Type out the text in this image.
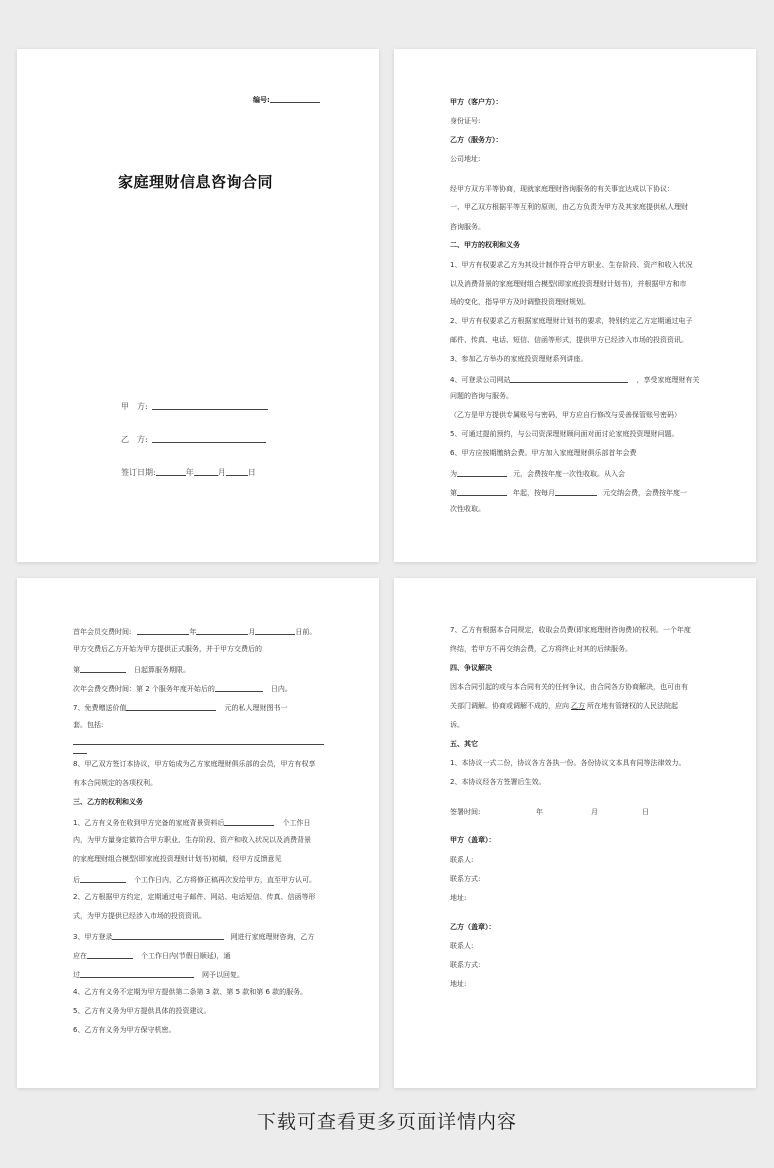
编号:
家庭理财信息咨询合同
甲　方:
乙　方:
签订日期:	年	月	日
甲方（客户方）：
身份证号:
乙方（服务方）：
公司地址:
经甲方双方平等协商，现就家庭理财咨询服务的有关事宜达成以下协议：
一、甲乙双方根据平等互利的原则，由乙方负责为甲方及其家庭提供私人理财
咨询服务。
二、甲方的权利和义务
1、甲方有权要求乙方为其设计制作符合甲方职业、生存阶段、资产和收入状况
以及消费背景的家庭理财组合模型(即家庭投资理财计划书)，并根据甲方和市
场的变化，指导甲方及时调整投资理财规划。
2、甲方有权要求乙方根据家庭理财计划书的要求，特别约定乙方定期通过电子
邮件、传真、电话、短信、信函等形式，提供甲方已经涉入市场的投资资讯。
3、参加乙方举办的家庭投资理财系列讲座。
4、可登录公司网站	，享受家庭理财有关
问题的咨询与服务。
（乙方是甲方提供专属账号与密码，甲方应自行修改与妥善保管账号密码）
5、可通过提前预约，与公司资深理财顾问面对面讨论家庭投资理财问题。
6、甲方应按期缴纳会费。甲方加入家庭理财俱乐部首年会费
为	元，会费按年度一次性收取。从入会
第	年起，按每月	元交纳会费，会费按年度一
次性收取。
首年会员交费时间:	年	月	日前。
甲方交费后乙方开始为甲方提供正式服务，并于甲方交费后的
第	日起算服务期限。
次年会费交费时间：第 2 个服务年度开始后的	日内。
7、免费赠送价值	元的私人理财图书一
套。包括:
8、甲乙双方签订本协议，甲方始成为乙方家庭理财俱乐部的会员，甲方有权享
有本合同规定的各项权利。
三、乙方的权利和义务
1、乙方有义务在收到甲方完备的家庭背景资料后	个工作日
内，为甲方量身定做符合甲方职业、生存阶段、资产和收入状况以及消费背景
的家庭理财组合模型(即家庭投资理财计划书)初稿，经甲方反馈意见
后	个工作日内，乙方将修正稿再次发给甲方，直至甲方认可。
2、乙方根据甲方约定，定期通过电子邮件、网站、电话短信、传真、信函等形
式，为甲方提供已经涉入市场的投资资讯。
3、甲方登录	网进行家庭理财咨询，乙方
应在	个工作日内(节假日顺延)，通
过	网予以回复。
4、乙方有义务不定期为甲方提供第二条第 3 款、第 5 款和第 6 款的服务。
5、乙方有义务为甲方提供具体的投资建议。
6、乙方有义务为甲方保守机密。
7、乙方有根据本合同规定，收取会员费(即家庭理财咨询费)的权利。一个年度
终结，若甲方不再交纳会费，乙方将终止对其的后续服务。
四、争议解决
因本合同引起的或与本合同有关的任何争议，由合同各方协商解决，也可由有
关部门调解。协商或调解不成的，应向 乙方 所在地有管辖权的人民法院起
诉。
五、其它
1、本协议一式二份，协议各方各执一份。各份协议文本具有同等法律效力。
2、本协议经各方签署后生效。
签署时间:	年	月	日
甲方（盖章）：
联系人:
联系方式:
地址:
乙方（盖章）：
联系人:
联系方式:
地址:
下载可查看更多页面详情内容
